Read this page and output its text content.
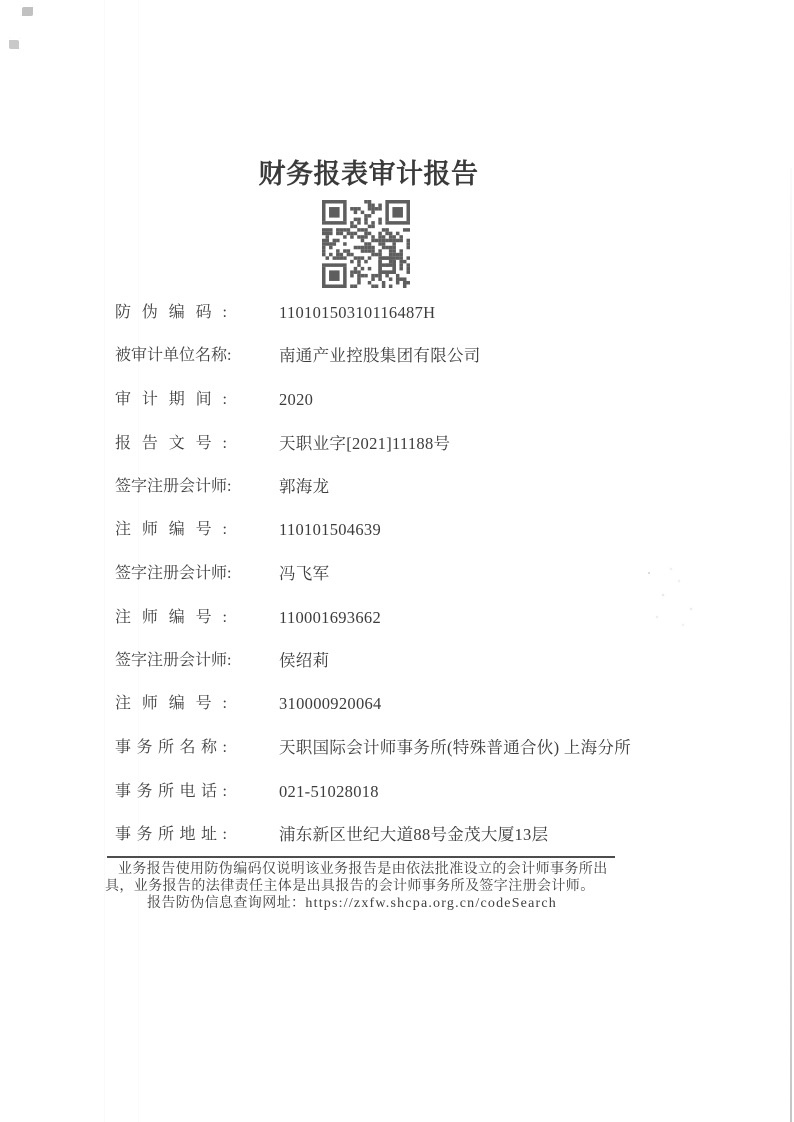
财务报表审计报告
防伪编码:	11010150310116487H
被审计单位名称:	南通产业控股集团有限公司
审计期间:	2020
报告文号:	天职业字[2021]11188号
签字注册会计师:	郭海龙
注师编号:	110101504639
签字注册会计师:	冯飞军
注师编号:	110001693662
签字注册会计师:	侯绍莉
注师编号:	310000920064
事务所名称:	天职国际会计师事务所(特殊普通合伙) 上海分所
事务所电话:	021-51028018
事务所地址:	浦东新区世纪大道88号金茂大厦13层
业务报告使用防伪编码仅说明该业务报告是由依法批准设立的会计师事务所出
具，业务报告的法律责任主体是出具报告的会计师事务所及签字注册会计师。
报告防伪信息查询网址：https://zxfw.shcpa.org.cn/codeSearch
